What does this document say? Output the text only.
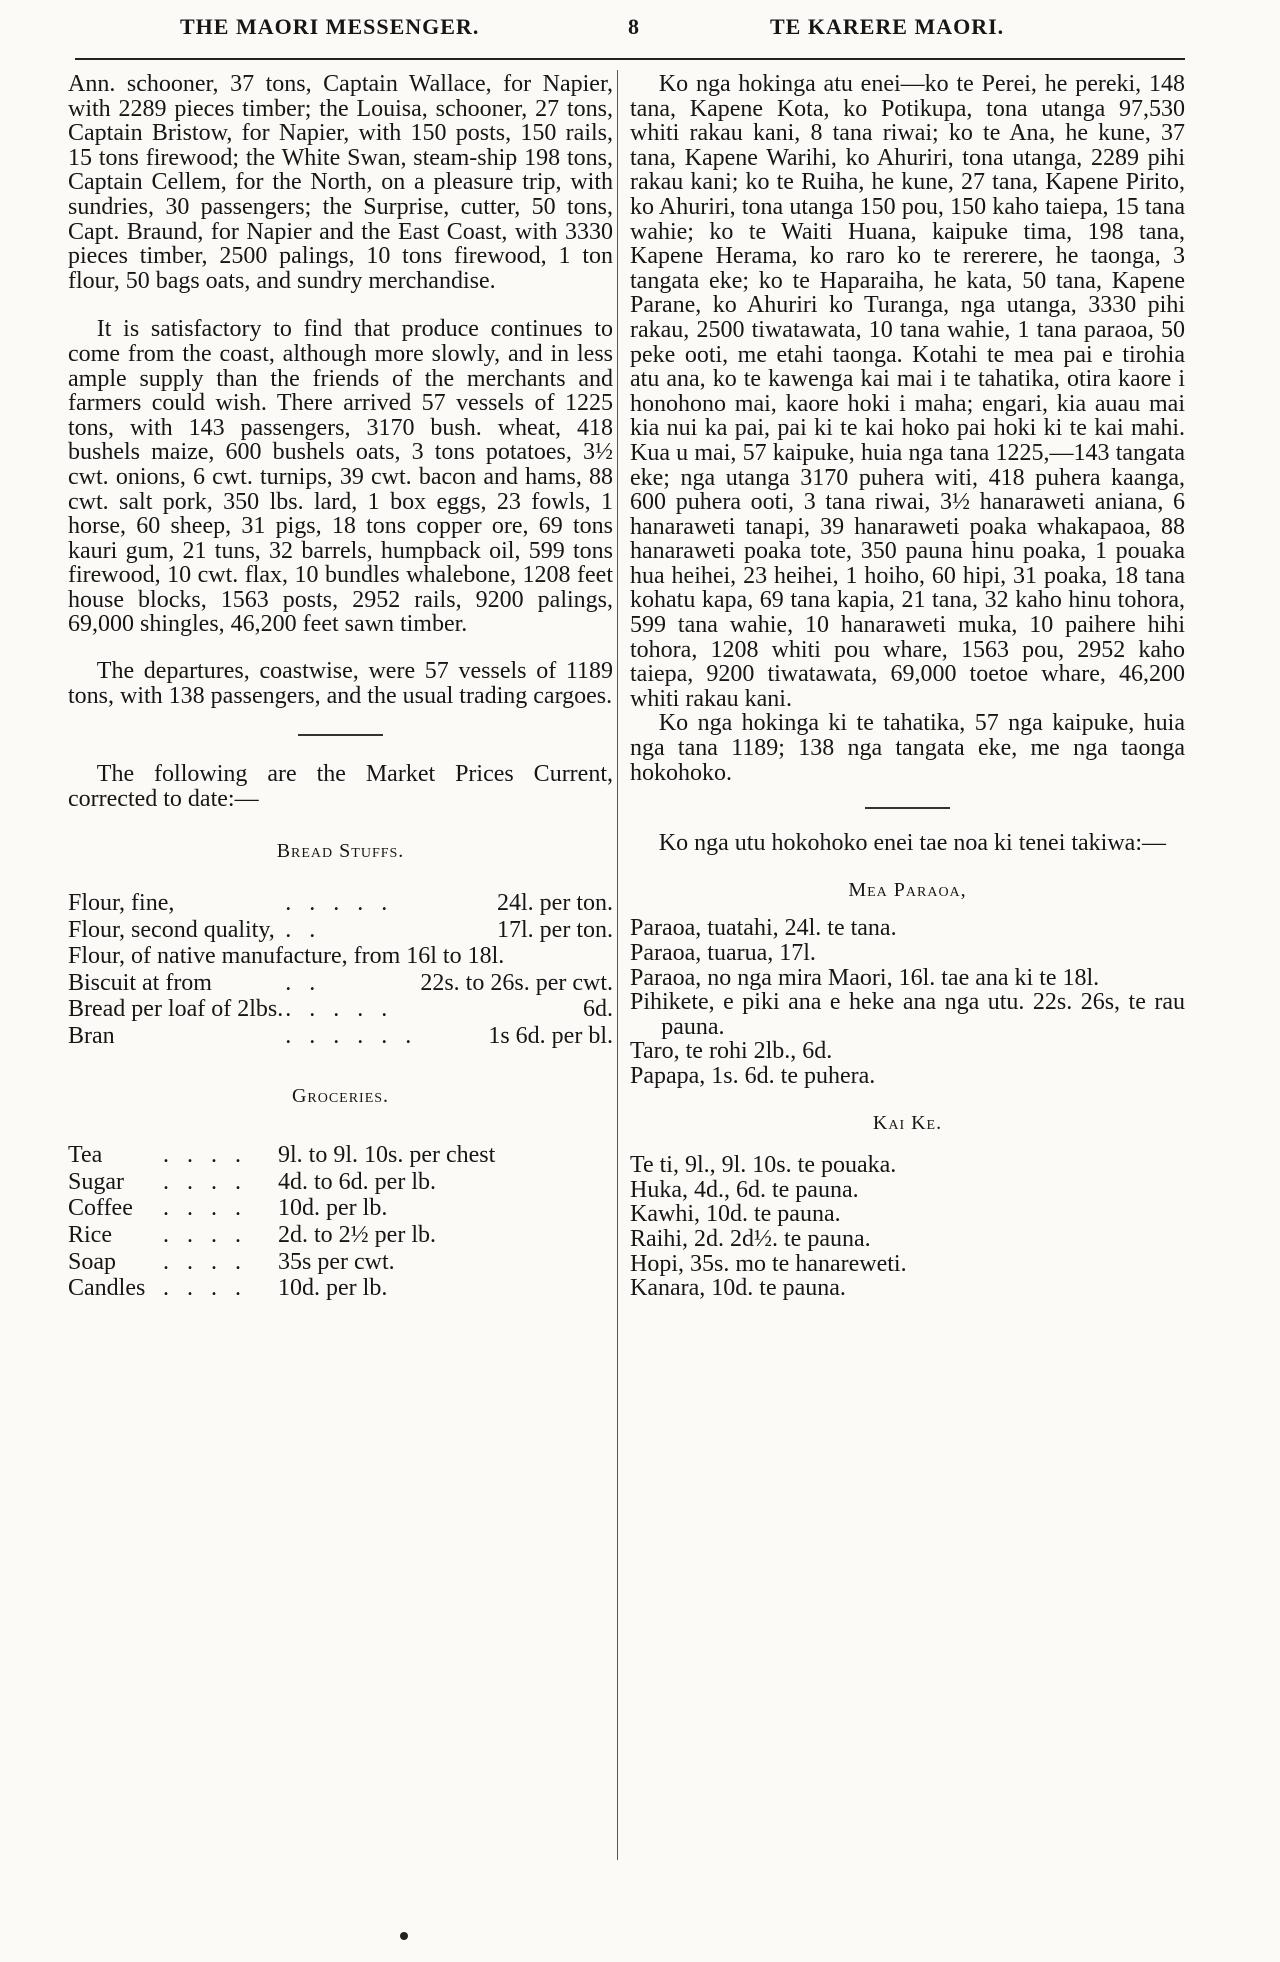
THE MAORI MESSENGER.	8	TE KARERE MAORI.

Ann. schooner, 37 tons, Captain Wallace, for Napier, with 2289 pieces timber; the Louisa, schooner, 27 tons, Captain Bristow, for Napier, with 150 posts, 150 rails, 15 tons firewood; the White Swan, steam-ship 198 tons, Captain Cellem, for the North, on a pleasure trip, with sundries, 30 passengers; the Surprise, cutter, 50 tons, Capt. Braund, for Napier and the East Coast, with 3330 pieces timber, 2500 palings, 10 tons firewood, 1 ton flour, 50 bags oats, and sundry merchandise.

It is satisfactory to find that produce continues to come from the coast, although more slowly, and in less ample supply than the friends of the merchants and farmers could wish. There arrived 57 vessels of 1225 tons, with 143 passengers, 3170 bush. wheat, 418 bushels maize, 600 bushels oats, 3 tons potatoes, 3½ cwt. onions, 6 cwt. turnips, 39 cwt. bacon and hams, 88 cwt. salt pork, 350 lbs. lard, 1 box eggs, 23 fowls, 1 horse, 60 sheep, 31 pigs, 18 tons copper ore, 69 tons kauri gum, 21 tuns, 32 barrels, humpback oil, 599 tons firewood, 10 cwt. flax, 10 bundles whalebone, 1208 feet house blocks, 1563 posts, 2952 rails, 9200 palings, 69,000 shingles, 46,200 feet sawn timber.

The departures, coastwise, were 57 vessels of 1189 tons, with 138 passengers, and the usual trading cargoes.

The following are the Market Prices Current, corrected to date:—

Bread Stuffs.
Flour, fine,	. . . . .	24l. per ton.
Flour, second quality,	. .	17l. per ton.
Flour, of native manufacture, from 16l to 18l.		
Biscuit at from	. .	22s. to 26s. per cwt.
Bread per loaf of 2lbs.	. . . . .	6d.
Bran	. . . . . .	1s 6d. per bl.
Groceries.
Tea	. . . .	9l. to 9l. 10s. per chest
Sugar	. . . .	4d. to 6d. per lb.
Coffee	. . . .	10d. per lb.
Rice	. . . .	2d. to 2½ per lb.
Soap	. . . .	35s per cwt.
Candles	. . . .	10d. per lb.

Ko nga hokinga atu enei—ko te Perei, he pereki, 148 tana, Kapene Kota, ko Potikupa, tona utanga 97,530 whiti rakau kani, 8 tana riwai; ko te Ana, he kune, 37 tana, Kapene Warihi, ko Ahuriri, tona utanga, 2289 pihi rakau kani; ko te Ruiha, he kune, 27 tana, Kapene Pirito, ko Ahuriri, tona utanga 150 pou, 150 kaho taiepa, 15 tana wahie; ko te Waiti Huana, kaipuke tima, 198 tana, Kapene Herama, ko raro ko te rererere, he taonga, 3 tangata eke; ko te Haparaiha, he kata, 50 tana, Kapene Parane, ko Ahuriri ko Turanga, nga utanga, 3330 pihi rakau, 2500 tiwatawata, 10 tana wahie, 1 tana paraoa, 50 peke ooti, me etahi taonga. Kotahi te mea pai e tirohia atu ana, ko te kawenga kai mai i te tahatika, otira kaore i honohono mai, kaore hoki i maha; engari, kia auau mai kia nui ka pai, pai ki te kai hoko pai hoki ki te kai mahi. Kua u mai, 57 kaipuke, huia nga tana 1225,—143 tangata eke; nga utanga 3170 puhera witi, 418 puhera kaanga, 600 puhera ooti, 3 tana riwai, 3½ hanaraweti aniana, 6 hanaraweti tanapi, 39 hanaraweti poaka whakapaoa, 88 hanaraweti poaka tote, 350 pauna hinu poaka, 1 pouaka hua heihei, 23 heihei, 1 hoiho, 60 hipi, 31 poaka, 18 tana kohatu kapa, 69 tana kapia, 21 tana, 32 kaho hinu tohora, 599 tana wahie, 10 hanaraweti muka, 10 paihere hihi tohora, 1208 whiti pou whare, 1563 pou, 2952 kaho taiepa, 9200 tiwatawata, 69,000 toetoe whare, 46,200 whiti rakau kani.

Ko nga hokinga ki te tahatika, 57 nga kaipuke, huia nga tana 1189; 138 nga tangata eke, me nga taonga hokohoko.

Ko nga utu hokohoko enei tae noa ki tenei takiwa:—

Mea Paraoa,

Paraoa, tuatahi, 24l. te tana.

Paraoa, tuarua, 17l.

Paraoa, no nga mira Maori, 16l. tae ana ki te 18l.

Pihikete, e piki ana e heke ana nga utu. 22s. 26s, te rau pauna.

Taro, te rohi 2lb., 6d.

Papapa, 1s. 6d. te puhera.

Kai Ke.

Te ti, 9l., 9l. 10s. te pouaka.

Huka, 4d., 6d. te pauna.

Kawhi, 10d. te pauna.

Raihi, 2d. 2d½. te pauna.

Hopi, 35s. mo te hanareweti.

Kanara, 10d. te pauna.
